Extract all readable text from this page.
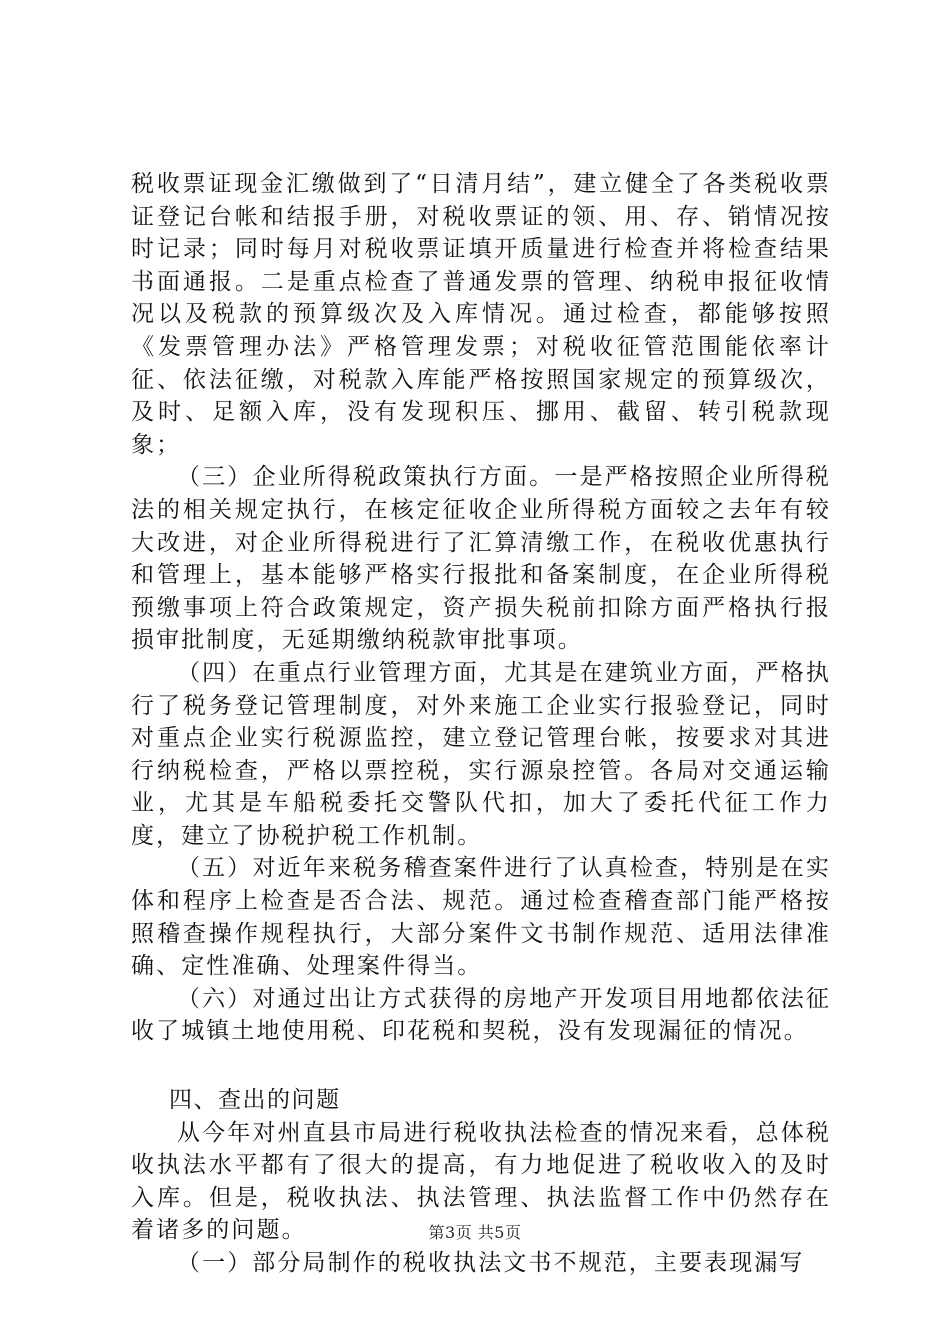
税收票证现金汇缴做到了“日清月结”，建立健全了各类税收票证登记台帐和结报手册，对税收票证的领、用、存、销情况按时记录；同时每月对税收票证填开质量进行检查并将检查结果书面通报。二是重点检查了普通发票的管理、纳税申报征收情况以及税款的预算级次及入库情况。通过检查，都能够按照《发票管理办法》严格管理发票；对税收征管范围能依率计征、依法征缴，对税款入库能严格按照国家规定的预算级次，及时、足额入库，没有发现积压、挪用、截留、转引税款现象；

（三）企业所得税政策执行方面。一是严格按照企业所得税法的相关规定执行，在核定征收企业所得税方面较之去年有较大改进，对企业所得税进行了汇算清缴工作，在税收优惠执行和管理上，基本能够严格实行报批和备案制度，在企业所得税预缴事项上符合政策规定，资产损失税前扣除方面严格执行报损审批制度，无延期缴纳税款审批事项。

（四）在重点行业管理方面，尤其是在建筑业方面，严格执行了税务登记管理制度，对外来施工企业实行报验登记，同时对重点企业实行税源监控，建立登记管理台帐，按要求对其进行纳税检查，严格以票控税，实行源泉控管。各局对交通运输业，尤其是车船税委托交警队代扣，加大了委托代征工作力度，建立了协税护税工作机制。

（五）对近年来税务稽查案件进行了认真检查，特别是在实体和程序上检查是否合法、规范。通过检查稽查部门能严格按照稽查操作规程执行，大部分案件文书制作规范、适用法律准确、定性准确、处理案件得当。

（六）对通过出让方式获得的房地产开发项目用地都依法征收了城镇土地使用税、印花税和契税，没有发现漏征的情况。

四、查出的问题

从今年对州直县市局进行税收执法检查的情况来看，总体税收执法水平都有了很大的提高，有力地促进了税收收入的及时入库。但是，税收执法、执法管理、执法监督工作中仍然存在着诸多的问题。

（一）部分局制作的税收执法文书不规范，主要表现漏写

第3页 共5页
